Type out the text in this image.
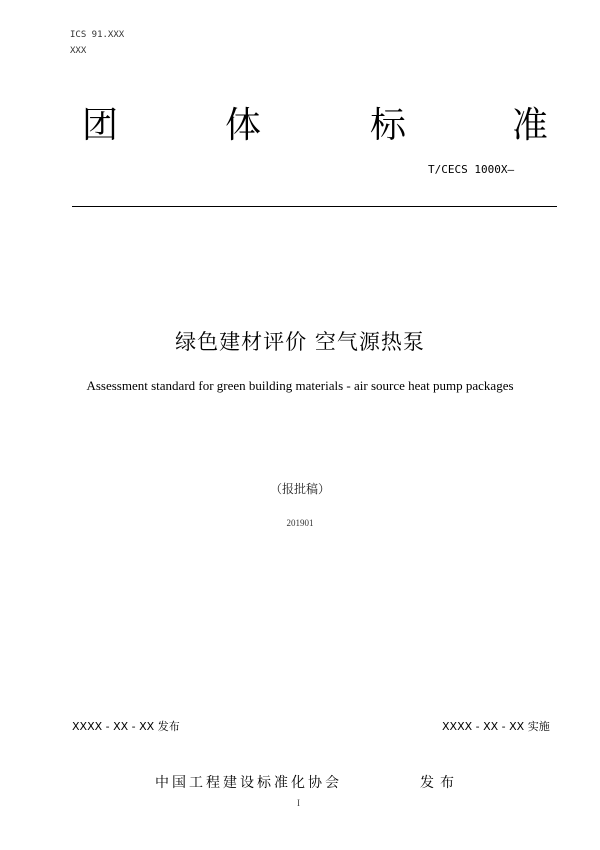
ICS 91.XXX
XXX
团	体	标	准
T/CECS 1000X—
绿色建材评价 空气源热泵
Assessment standard for green building materials - air source heat pump packages
（报批稿）
201901
XXXX - XX - XX 发布	XXXX - XX - XX 实施
中国工程建设标准化协会	发布
I
